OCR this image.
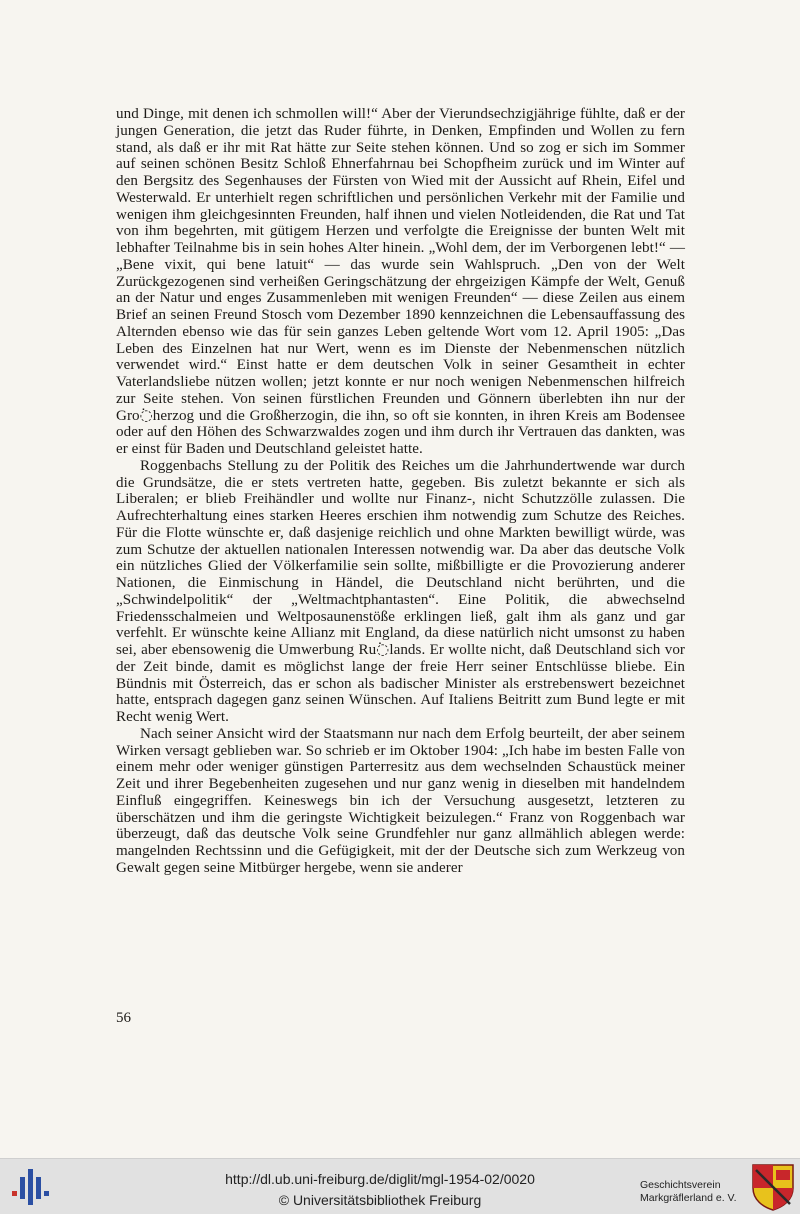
und Dinge, mit denen ich schmollen will!“ Aber der Vierundsechzigjährige fühlte, daß er der jungen Generation, die jetzt das Ruder führte, in Denken, Empfinden und Wollen zu fern stand, als daß er ihr mit Rat hätte zur Seite stehen können. Und so zog er sich im Sommer auf seinen schönen Besitz Schloß Ehnerfahrnau bei Schopfheim zurück und im Winter auf den Bergsitz des Segenhauses der Fürsten von Wied mit der Aussicht auf Rhein, Eifel und Westerwald. Er unterhielt regen schriftlichen und persönlichen Verkehr mit der Familie und wenigen ihm gleichgesinnten Freunden, half ihnen und vielen Notleidenden, die Rat und Tat von ihm begehrten, mit gütigem Herzen und verfolgte die Ereignisse der bunten Welt mit lebhafter Teilnahme bis in sein hohes Alter hinein. „Wohl dem, der im Verborgenen lebt!“ — „Bene vixit, qui bene latuit“ — das wurde sein Wahlspruch. „Den von der Welt Zurückgezogenen sind verheißen Geringschätzung der ehrgeizigen Kämpfe der Welt, Genuß an der Natur und enges Zusammenleben mit wenigen Freunden“ — diese Zeilen aus einem Brief an seinen Freund Stosch vom Dezember 1890 kennzeichnen die Lebensauffassung des Alternden ebenso wie das für sein ganzes Leben geltende Wort vom 12. April 1905: „Das Leben des Einzelnen hat nur Wert, wenn es im Dienste der Nebenmenschen nützlich verwendet wird.“ Einst hatte er dem deutschen Volk in seiner Gesamtheit in echter Vaterlandsliebe nützen wollen; jetzt konnte er nur noch wenigen Nebenmenschen hilfreich zur Seite stehen. Von seinen fürstlichen Freunden und Gönnern überlebten ihn nur der Gro߭herzog und die Großherzogin, die ihn, so oft sie konnten, in ihren Kreis am Bodensee oder auf den Höhen des Schwarzwaldes zogen und ihm durch ihr Vertrauen das dankten, was er einst für Baden und Deutschland geleistet hatte.

Roggenbachs Stellung zu der Politik des Reiches um die Jahrhundertwende war durch die Grundsätze, die er stets vertreten hatte, gegeben. Bis zuletzt bekannte er sich als Liberalen; er blieb Freihändler und wollte nur Finanz-, nicht Schutzzölle zulassen. Die Aufrechterhaltung eines starken Heeres erschien ihm notwendig zum Schutze des Reiches. Für die Flotte wünschte er, daß dasjenige reichlich und ohne Markten bewilligt würde, was zum Schutze der aktuellen nationalen Interessen notwendig war. Da aber das deutsche Volk ein nützliches Glied der Völkerfamilie sein sollte, mißbilligte er die Provozierung anderer Nationen, die Einmischung in Händel, die Deutschland nicht berührten, und die „Schwindelpolitik“ der „Weltmachtphantasten“. Eine Politik, die abwechselnd Friedensschalmeien und Weltposaunenstöße erklingen ließ, galt ihm als ganz und gar verfehlt. Er wünschte keine Allianz mit England, da diese natürlich nicht umsonst zu haben sei, aber ebensowenig die Umwerbung Ru߭lands. Er wollte nicht, daß Deutschland sich vor der Zeit binde, damit es möglichst lange der freie Herr seiner Entschlüsse bliebe. Ein Bündnis mit Österreich, das er schon als badischer Minister als erstrebenswert bezeichnet hatte, entsprach dagegen ganz seinen Wünschen. Auf Italiens Beitritt zum Bund legte er mit Recht wenig Wert.

Nach seiner Ansicht wird der Staatsmann nur nach dem Erfolg beurteilt, der aber seinem Wirken versagt geblieben war. So schrieb er im Oktober 1904: „Ich habe im besten Falle von einem mehr oder weniger günstigen Parterresitz aus dem wechselnden Schaustück meiner Zeit und ihrer Begebenheiten zugesehen und nur ganz wenig in dieselben mit handelndem Einfluß eingegriffen. Keineswegs bin ich der Versuchung ausgesetzt, letzteren zu überschätzen und ihm die geringste Wichtigkeit beizulegen.“ Franz von Roggenbach war überzeugt, daß das deutsche Volk seine Grundfehler nur ganz allmählich ablegen werde: mangelnden Rechtssinn und die Gefügigkeit, mit der der Deutsche sich zum Werkzeug von Gewalt gegen seine Mitbürger hergebe, wenn sie anderer

56
http://dl.ub.uni-freiburg.de/diglit/mgl-1954-02/0020
© Universitätsbibliothek Freiburg
Geschichtsverein
Markgräflerland e. V.
